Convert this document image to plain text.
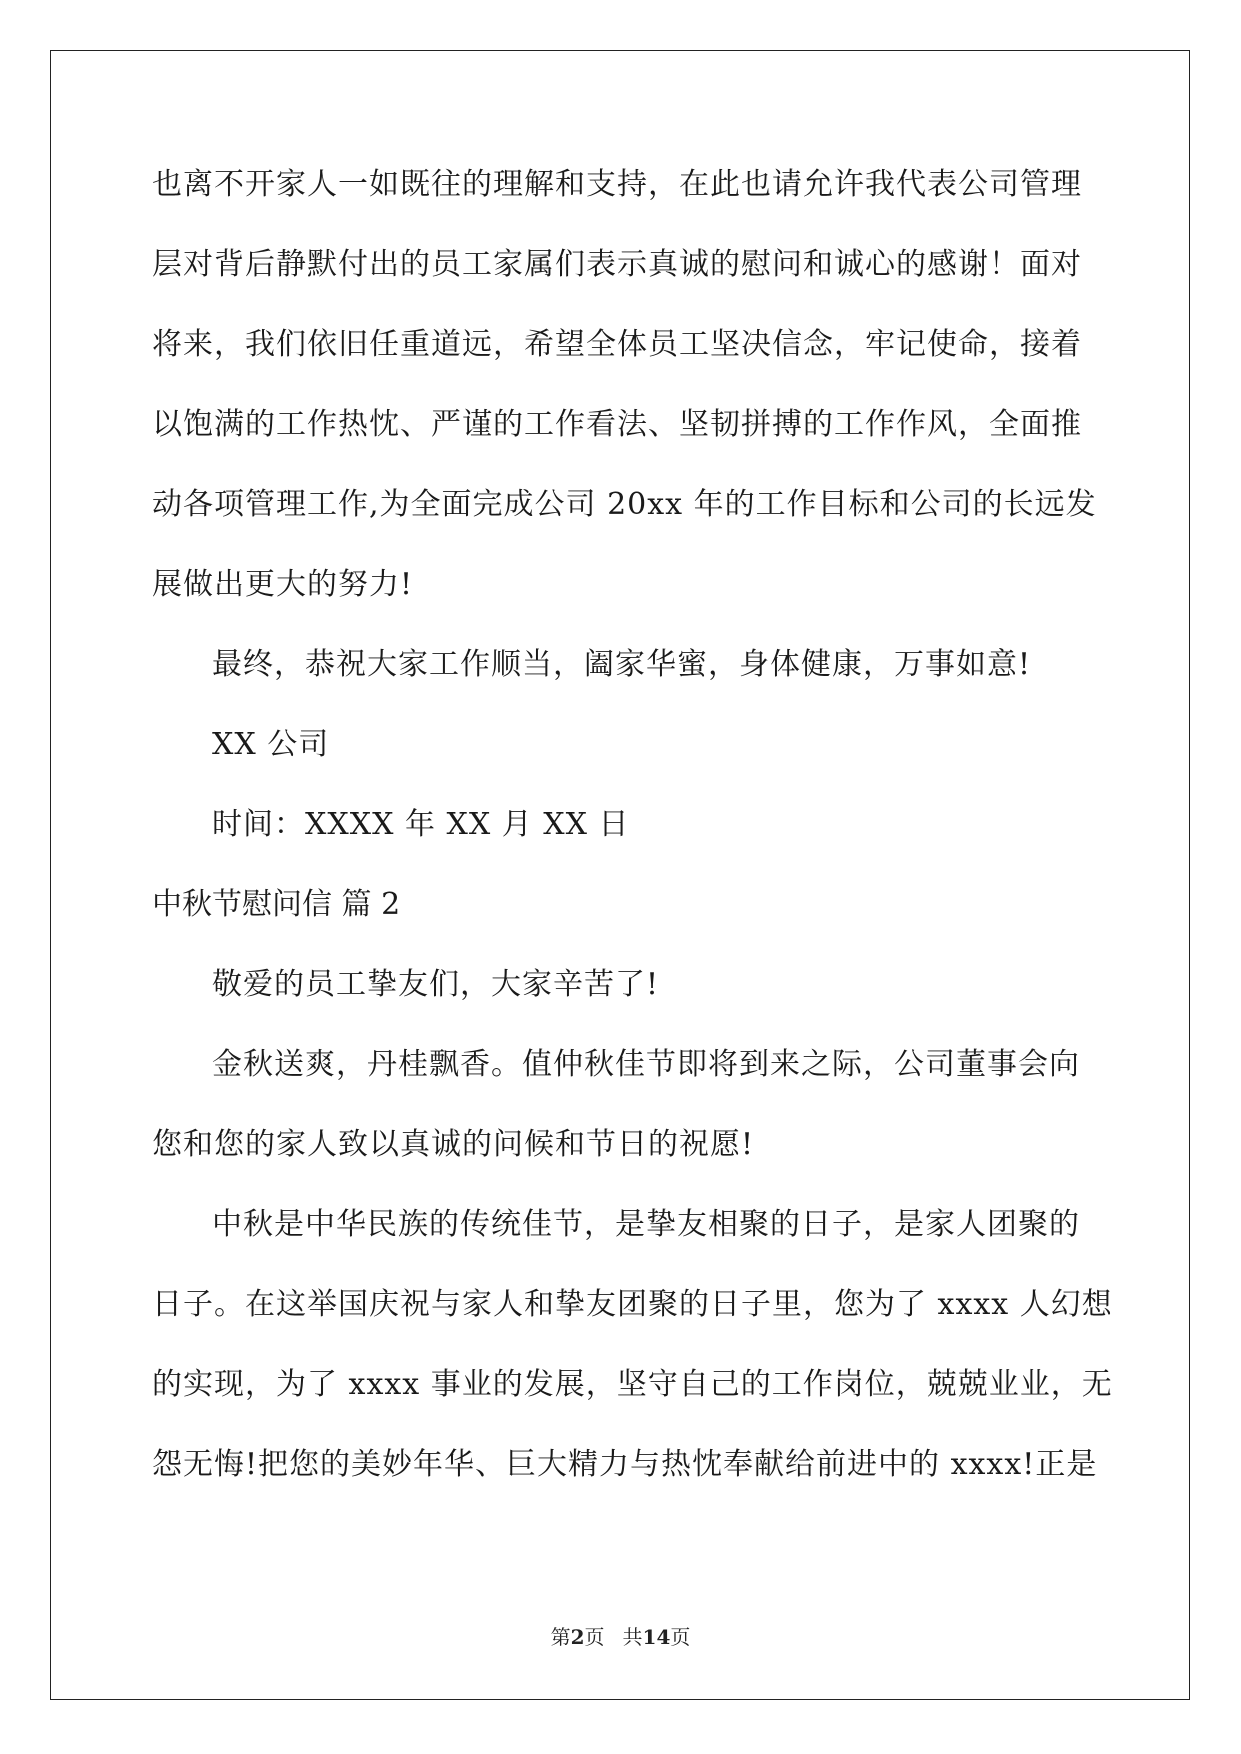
也离不开家人一如既往的理解和支持，在此也请允许我代表公司管理
层对背后静默付出的员工家属们表示真诚的慰问和诚心的感谢！面对
将来，我们依旧任重道远，希望全体员工坚决信念，牢记使命，接着
以饱满的工作热忱、严谨的工作看法、坚韧拼搏的工作作风，全面推
动各项管理工作,为全面完成公司 20xx 年的工作目标和公司的长远发
展做出更大的努力!
最终，恭祝大家工作顺当，阖家华蜜，身体健康，万事如意!
XX 公司
时间：XXXX 年 XX 月 XX 日
中秋节慰问信 篇 2
敬爱的员工挚友们，大家辛苦了!
金秋送爽，丹桂飘香。值仲秋佳节即将到来之际，公司董事会向
您和您的家人致以真诚的问候和节日的祝愿!
中秋是中华民族的传统佳节，是挚友相聚的日子，是家人团聚的
日子。在这举国庆祝与家人和挚友团聚的日子里，您为了 xxxx 人幻想
的实现，为了 xxxx 事业的发展，坚守自己的工作岗位，兢兢业业，无
怨无悔!把您的美妙年华、巨大精力与热忱奉献给前进中的 xxxx!正是
第2页 共14页
